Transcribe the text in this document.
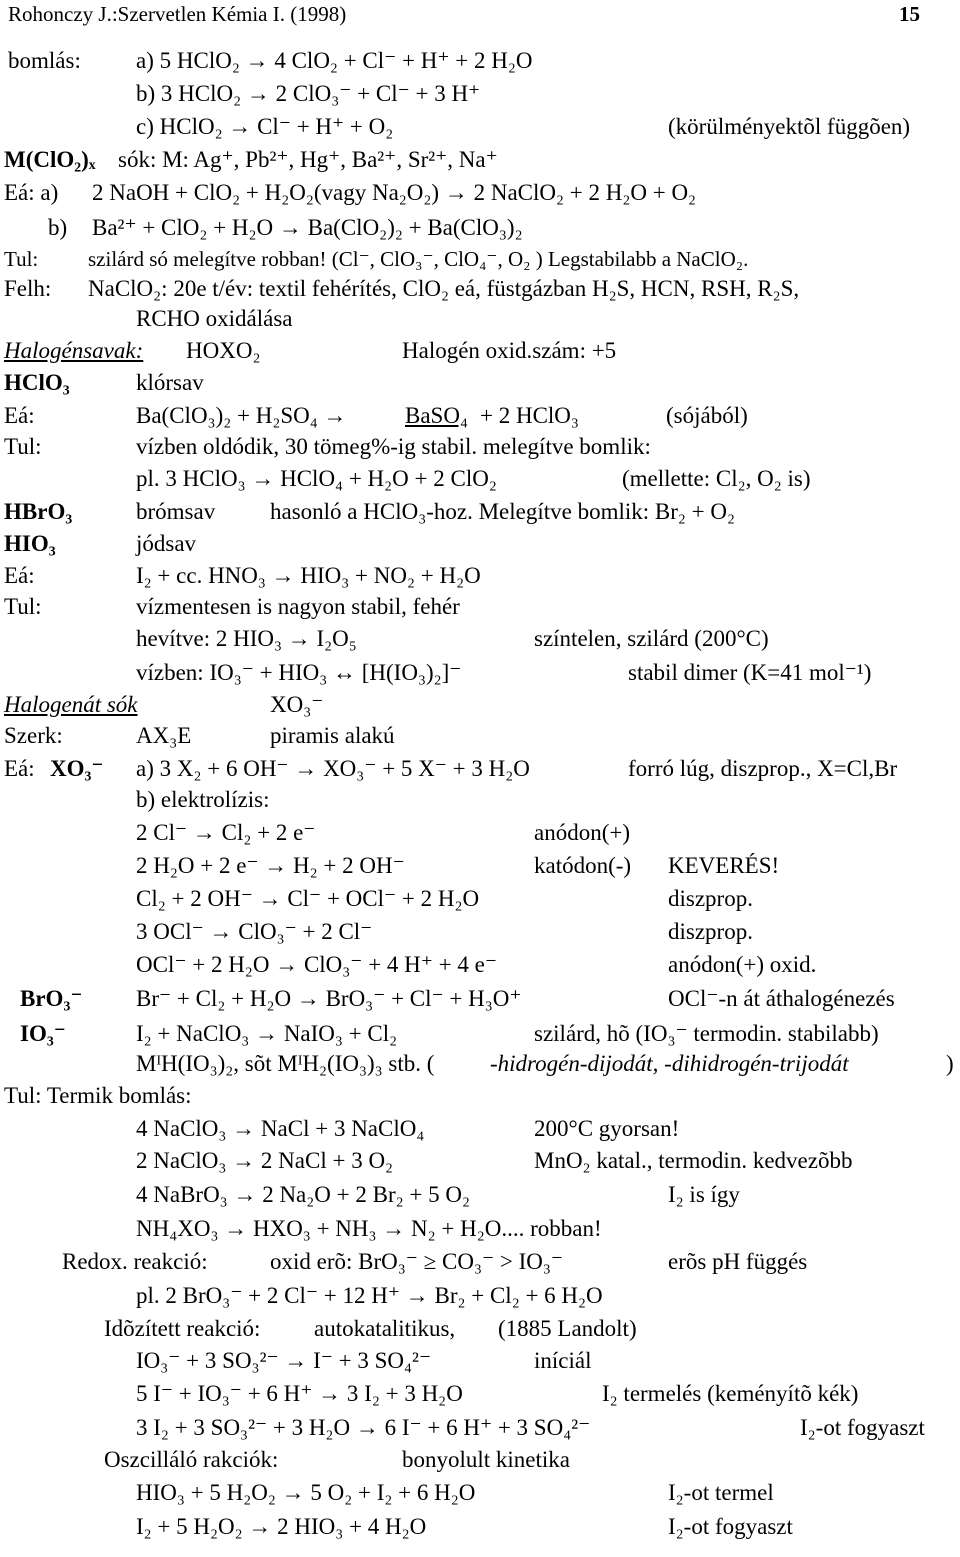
Rohonczy J.:Szervetlen Kémia I. (1998)	15
bomlás: a) 5 HClO₂ → 4 ClO₂ + Cl⁻ + H⁺ + 2 H₂O
b) 3 HClO₂ → 2 ClO₃⁻ + Cl⁻ + 3 H⁺
c) HClO₂ → Cl⁻ + H⁺ + O₂	(körülményektõl függõen)
M(ClO₂)ₓ sók: M: Ag⁺, Pb²⁺, Hg⁺, Ba²⁺, Sr²⁺, Na⁺
Eá: a) 2 NaOH + ClO₂ + H₂O₂(vagy Na₂O₂) → 2 NaClO₂ + 2 H₂O + O₂
b) Ba²⁺ + ClO₂ + H₂O → Ba(ClO₂)₂ + Ba(ClO₃)₂
Tul: szilárd só melegítve robban! (Cl⁻, ClO₃⁻, ClO₄⁻, O₂ ) Legstabilabb a NaClO₂.
Felh: NaClO₂: 20e t/év: textil fehérítés, ClO₂ eá, füstgázban H₂S, HCN, RSH, R₂S,
RCHO oxidálása
Halogénsavak: HOXO₂	Halogén oxid.szám: +5
HClO₃	klórsav
Eá:	Ba(ClO₃)₂ + H₂SO₄ →	BaSO₄ + 2 HClO₃	(sójából)
Tul:	vízben oldódik, 30 tömeg%-ig stabil. melegítve bomlik:
pl. 3 HClO₃ → HClO₄ + H₂O + 2 ClO₂	(mellette: Cl₂, O₂ is)
HBrO₃	brómsav hasonló a HClO₃-hoz. Melegítve bomlik: Br₂ + O₂
HIO₃	jódsav
Eá:	I₂ + cc. HNO₃ → HIO₃ + NO₂ + H₂O
Tul:	vízmentesen is nagyon stabil, fehér
hevítve: 2 HIO₃ → I₂O₅	színtelen, szilárd (200°C)
vízben: IO₃⁻ + HIO₃ ↔ [H(IO₃)₂]⁻	stabil dimer (K=41 mol⁻¹)
Halogenát sók	XO₃⁻
Szerk:	AX₃E	piramis alakú
Eá: XO₃⁻ a) 3 X₂ + 6 OH⁻ → XO₃⁻ + 5 X⁻ + 3 H₂O	forró lúg, diszprop., X=Cl,Br
b) elektrolízis:
2 Cl⁻ → Cl₂ + 2 e⁻	anódon(+)
2 H₂O + 2 e⁻ → H₂ + 2 OH⁻	katódon(-) KEVERÉS!
Cl₂ + 2 OH⁻ → Cl⁻ + OCl⁻ + 2 H₂O	diszprop.
3 OCl⁻ → ClO₃⁻ + 2 Cl⁻	diszprop.
OCl⁻ + 2 H₂O → ClO₃⁻ + 4 H⁺ + 4 e⁻	anódon(+) oxid.
BrO₃⁻ Br⁻ + Cl₂ + H₂O → BrO₃⁻ + Cl⁻ + H₃O⁺	OCl⁻-n át áthalogénezés
IO₃⁻	I₂ + NaClO₃ → NaIO₃ + Cl₂	szilárd, hõ (IO₃⁻ termodin. stabilabb)
MᴵH(IO₃)₂, sõt MᴵH₂(IO₃)₃ stb. ( -hidrogén-dijodát, -dihidrogén-trijodát	)
Tul: Termik bomlás:
4 NaClO₃ → NaCl + 3 NaClO₄	200°C gyorsan!
2 NaClO₃ → 2 NaCl + 3 O₂	MnO₂ katal., termodin. kedvezõbb
4 NaBrO₃ → 2 Na₂O + 2 Br₂ + 5 O₂	I₂ is így
NH₄XO₃ → HXO₃ + NH₃ → N₂ + H₂O.... robban!
Redox. reakció:	oxid erõ: BrO₃⁻ ≥ CO₃⁻ > IO₃⁻	erõs pH függés
pl. 2 BrO₃⁻ + 2 Cl⁻ + 12 H⁺ → Br₂ + Cl₂ + 6 H₂O
Idõzített reakció: autokatalitikus, (1885 Landolt)
IO₃⁻ + 3 SO₃²⁻ → I⁻ + 3 SO₄²⁻	iníciál
5 I⁻ + IO₃⁻ + 6 H⁺ → 3 I₂ + 3 H₂O	I₂ termelés (keményítõ kék)
3 I₂ + 3 SO₃²⁻ + 3 H₂O → 6 I⁻ + 6 H⁺ + 3 SO₄²⁻	I₂-ot fogyaszt
Oszcilláló rakciók:	bonyolult kinetika
HIO₃ + 5 H₂O₂ → 5 O₂ + I₂ + 6 H₂O	I₂-ot termel
I₂ + 5 H₂O₂ → 2 HIO₃ + 4 H₂O	I₂-ot fogyaszt
